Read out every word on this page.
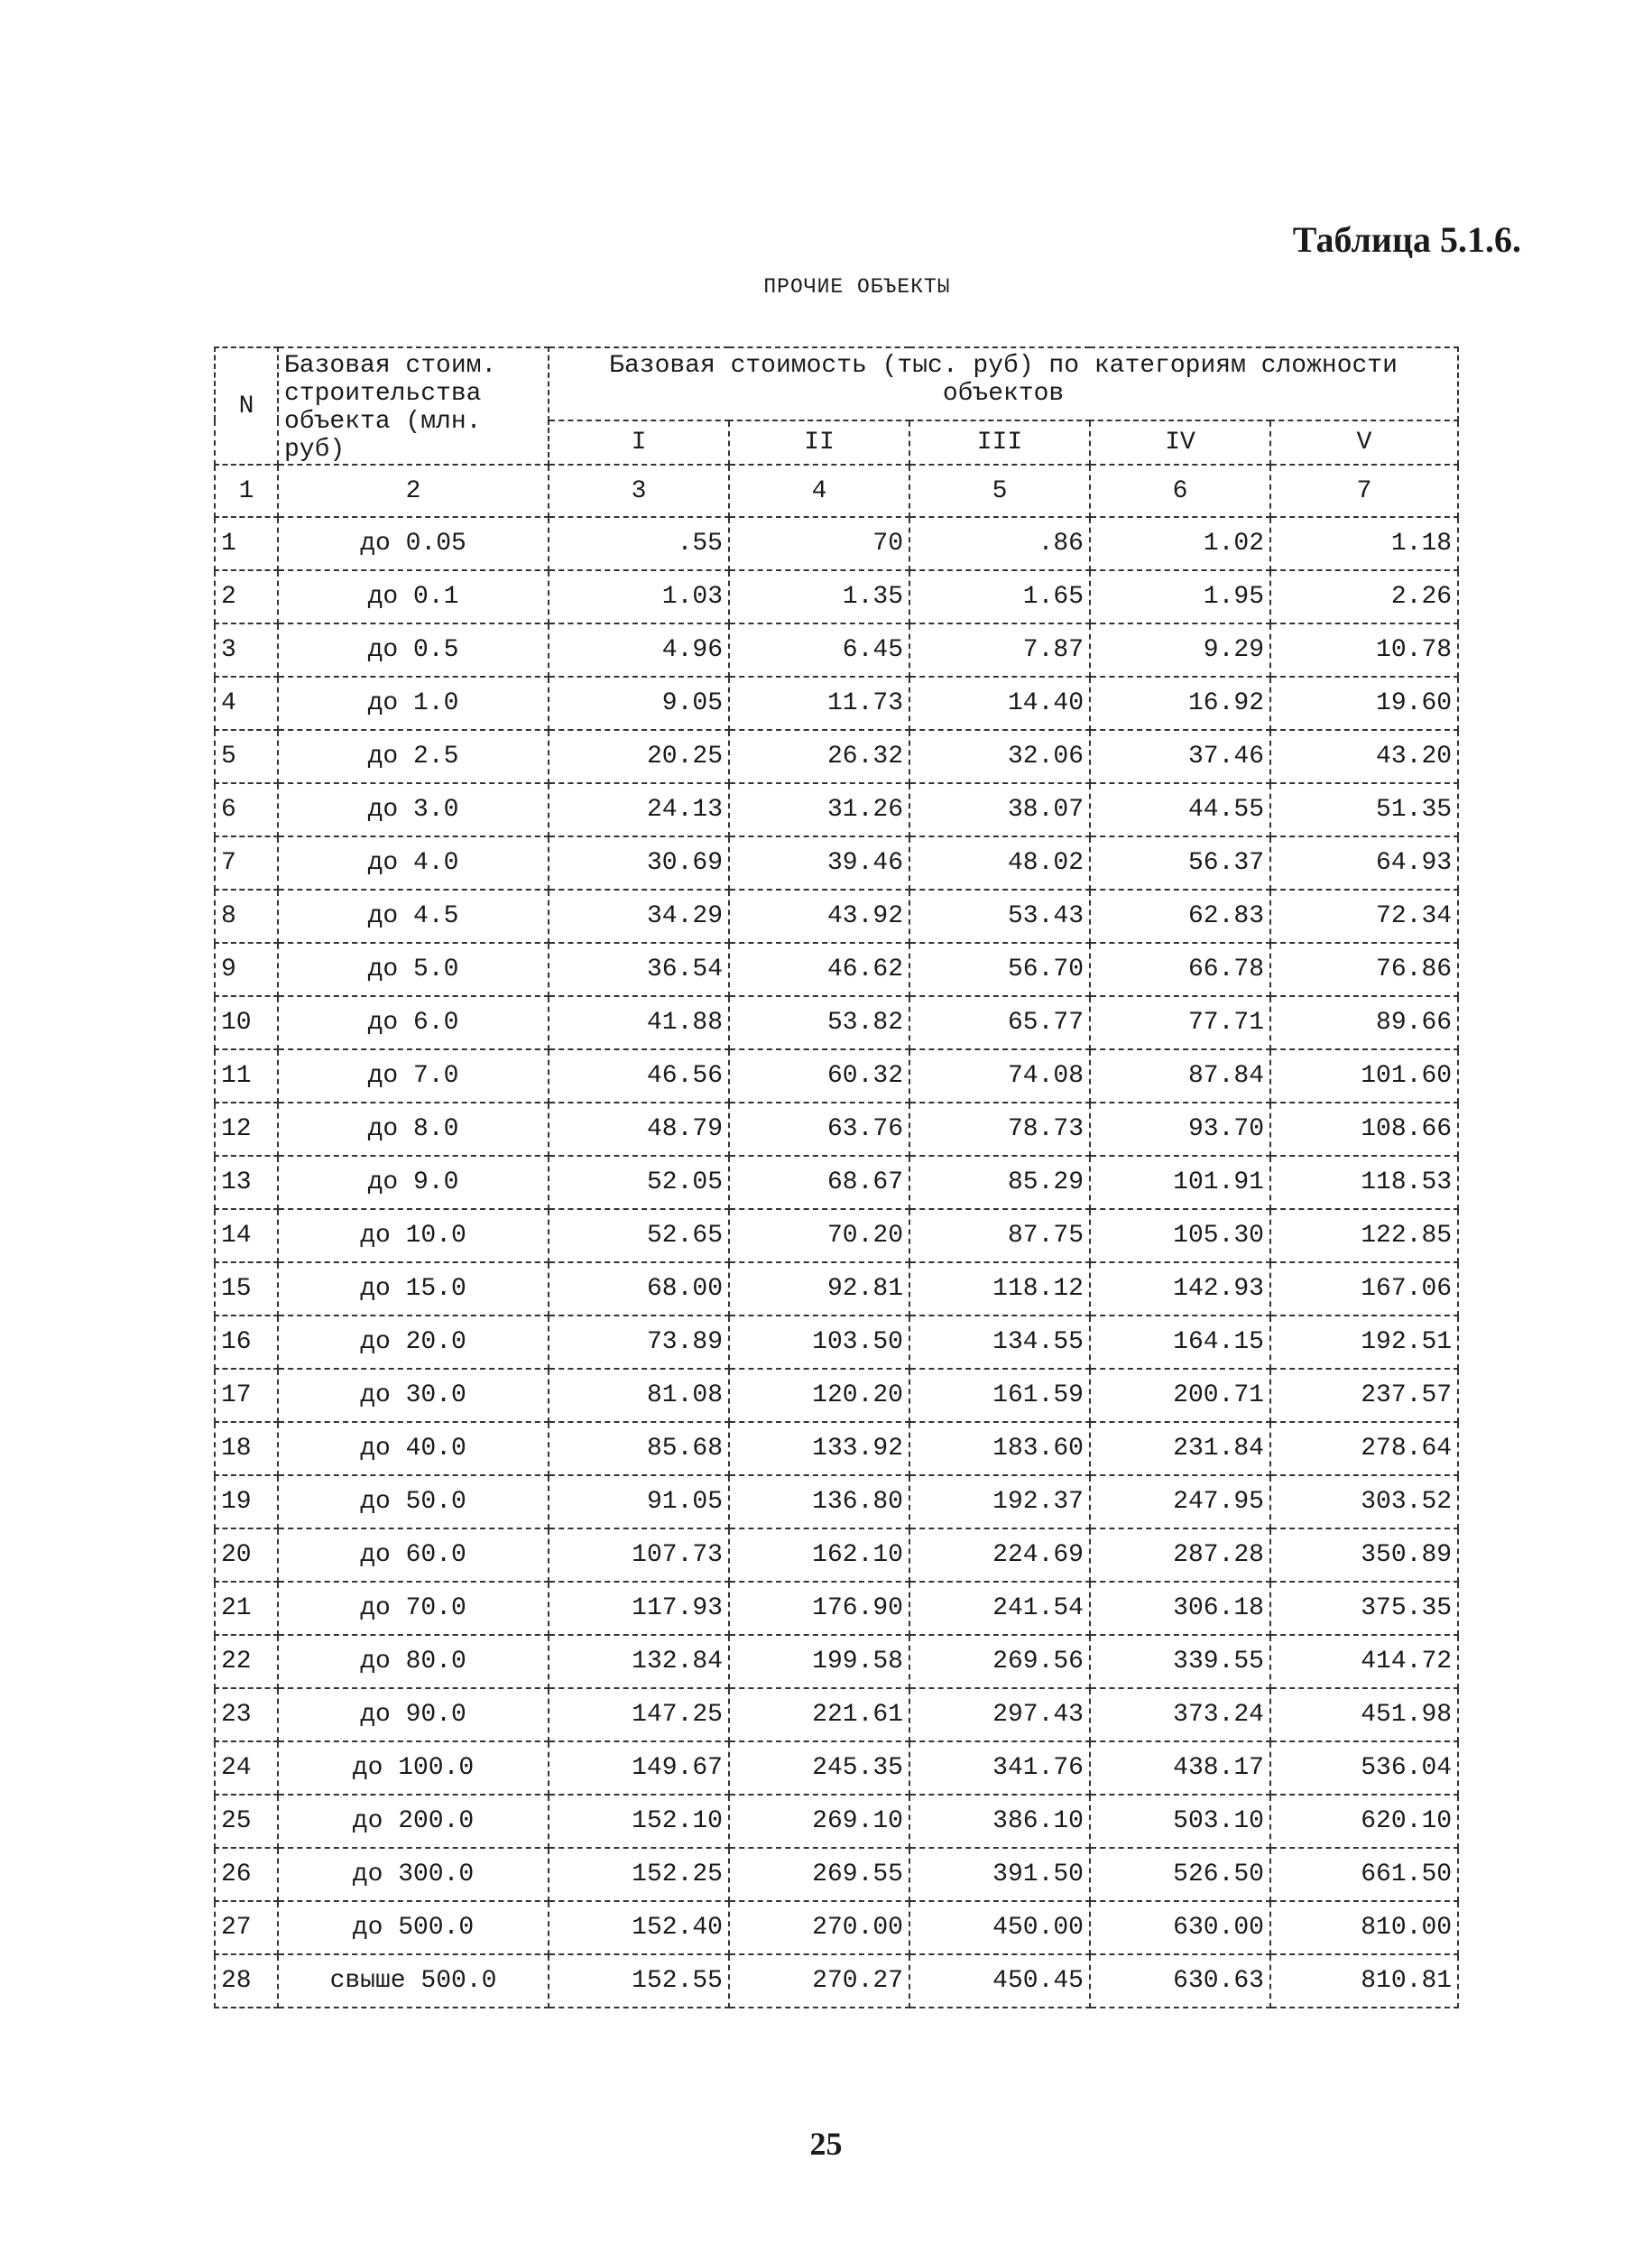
Таблица 5.1.6.
ПРОЧИЕ ОБЪЕКТЫ
N	Базовая стоим. строительства объекта (млн. руб)	Базовая стоимость (тыс. руб) по категориям сложности объектов				
		I	II	III	IV	V
1	2	3	4	5	6	7
1	до 0.05	.55	70	.86	1.02	1.18
2	до 0.1	1.03	1.35	1.65	1.95	2.26
3	до 0.5	4.96	6.45	7.87	9.29	10.78
4	до 1.0	9.05	11.73	14.40	16.92	19.60
5	до 2.5	20.25	26.32	32.06	37.46	43.20
6	до 3.0	24.13	31.26	38.07	44.55	51.35
7	до 4.0	30.69	39.46	48.02	56.37	64.93
8	до 4.5	34.29	43.92	53.43	62.83	72.34
9	до 5.0	36.54	46.62	56.70	66.78	76.86
10	до 6.0	41.88	53.82	65.77	77.71	89.66
11	до 7.0	46.56	60.32	74.08	87.84	101.60
12	до 8.0	48.79	63.76	78.73	93.70	108.66
13	до 9.0	52.05	68.67	85.29	101.91	118.53
14	до 10.0	52.65	70.20	87.75	105.30	122.85
15	до 15.0	68.00	92.81	118.12	142.93	167.06
16	до 20.0	73.89	103.50	134.55	164.15	192.51
17	до 30.0	81.08	120.20	161.59	200.71	237.57
18	до 40.0	85.68	133.92	183.60	231.84	278.64
19	до 50.0	91.05	136.80	192.37	247.95	303.52
20	до 60.0	107.73	162.10	224.69	287.28	350.89
21	до 70.0	117.93	176.90	241.54	306.18	375.35
22	до 80.0	132.84	199.58	269.56	339.55	414.72
23	до 90.0	147.25	221.61	297.43	373.24	451.98
24	до 100.0	149.67	245.35	341.76	438.17	536.04
25	до 200.0	152.10	269.10	386.10	503.10	620.10
26	до 300.0	152.25	269.55	391.50	526.50	661.50
27	до 500.0	152.40	270.00	450.00	630.00	810.00
28	свыше 500.0	152.55	270.27	450.45	630.63	810.81
25
